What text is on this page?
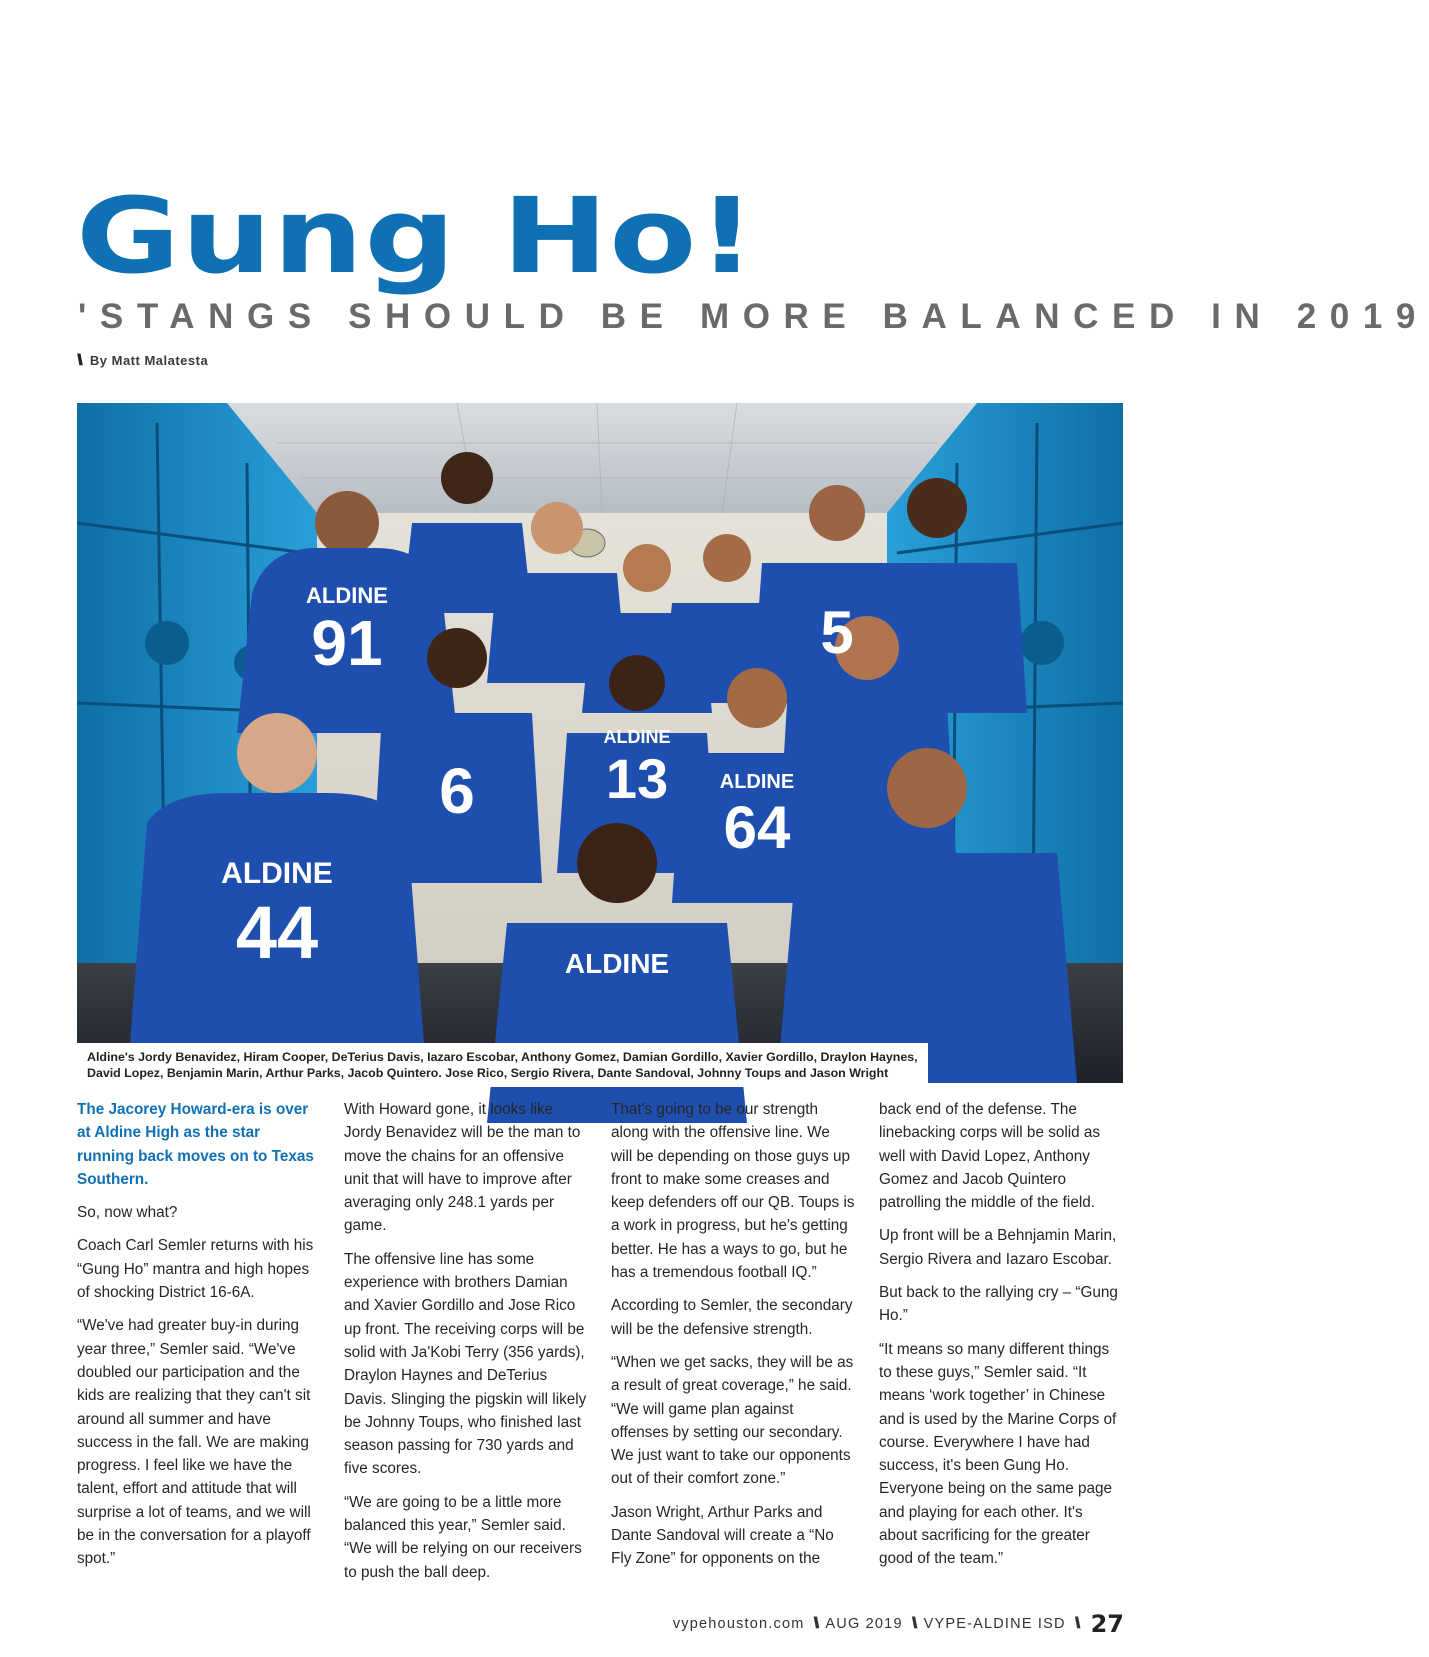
Gung Ho!
'STANGS SHOULD BE MORE BALANCED IN 2019
\\ By Matt Malatesta
ALDINE
91
6
ALDINE
13
ALDINE
44
ALDINE
64
5
ALDINE
Aldine's Jordy Benavidez, Hiram Cooper, DeTerius Davis, Iazaro Escobar, Anthony Gomez, Damian Gordillo, Xavier Gordillo, Draylon Haynes,
David Lopez, Benjamin Marin, Arthur Parks, Jacob Quintero. Jose Rico, Sergio Rivera, Dante Sandoval, Johnny Toups and Jason Wright

The Jacorey Howard-era is over at Aldine High as the star running back moves on to Texas Southern.

So, now what?

Coach Carl Semler returns with his “Gung Ho” mantra and high hopes of shocking District 16-6A.

“We've had greater buy-in during year three,” Semler said. “We've doubled our participation and the kids are realizing that they can't sit around all summer and have success in the fall. We are making progress. I feel like we have the talent, effort and attitude that will surprise a lot of teams, and we will be in the conversation for a playoff spot.”

With Howard gone, it looks like Jordy Benavidez will be the man to move the chains for an offensive unit that will have to improve after averaging only 248.1 yards per game.

The offensive line has some experience with brothers Damian and Xavier Gordillo and Jose Rico up front. The receiving corps will be solid with Ja'Kobi Terry (356 yards), Draylon Haynes and DeTerius Davis. Slinging the pigskin will likely be Johnny Toups, who finished last season passing for 730 yards and five scores.

“We are going to be a little more balanced this year,” Semler said. “We will be relying on our receivers to push the ball deep.

That's going to be our strength along with the offensive line. We will be depending on those guys up front to make some creases and keep defenders off our QB. Toups is a work in progress, but he's getting better. He has a ways to go, but he has a tremendous football IQ.”

According to Semler, the secondary will be the defensive strength.

“When we get sacks, they will be as a result of great coverage,” he said. “We will game plan against offenses by setting our secondary. We just want to take our opponents out of their comfort zone.”

Jason Wright, Arthur Parks and Dante Sandoval will create a “No Fly Zone” for opponents on the

back end of the defense. The linebacking corps will be solid as well with David Lopez, Anthony Gomez and Jacob Quintero patrolling the middle of the field.

Up front will be a Behnjamin Marin, Sergio Rivera and Iazaro Escobar.

But back to the rallying cry – “Gung Ho.”

“It means so many different things to these guys,” Semler said. “It means ‘work together’ in Chinese and is used by the Marine Corps of course. Everywhere I have had success, it's been Gung Ho. Everyone being on the same page and playing for each other. It's about sacrificing for the greater good of the team.”

vypehouston.com \\ AUG 2019 \\ VYPE-ALDINE ISD \\ 27
